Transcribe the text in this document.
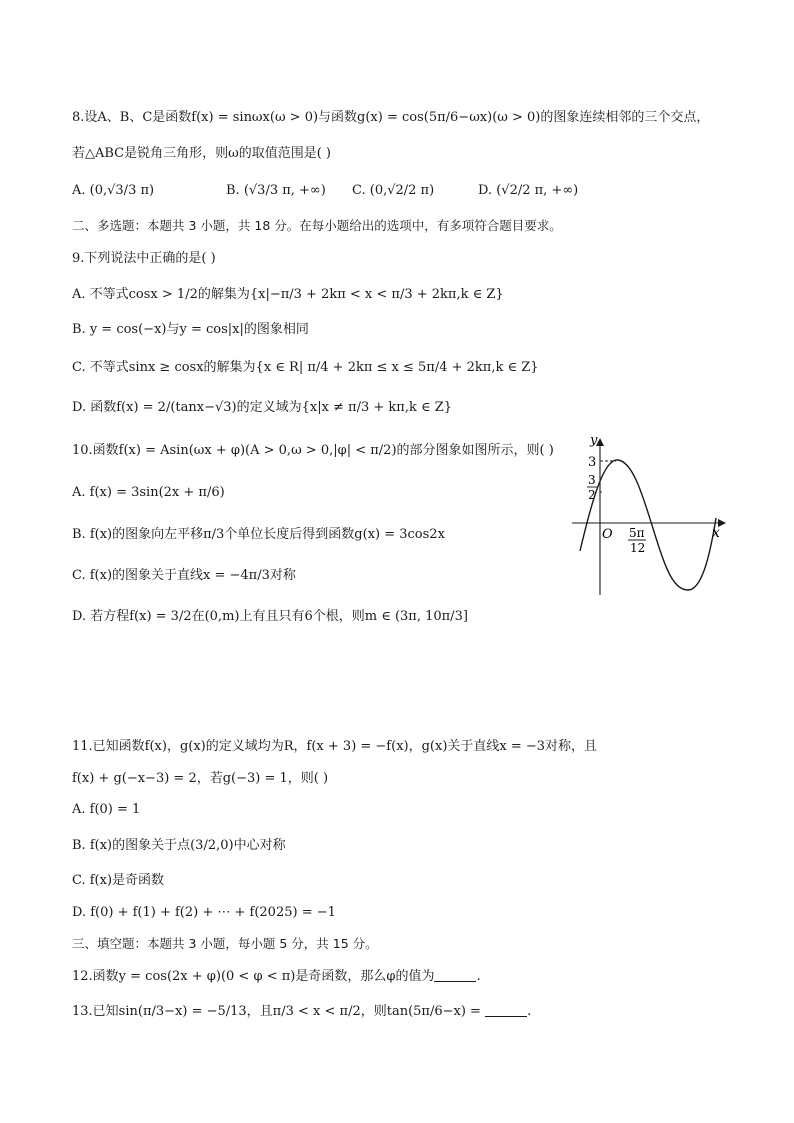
8.设A、B、C是函数f(x) = sinωx(ω > 0)与函数g(x) = cos(5π/6−ωx)(ω > 0)的图象连续相邻的三个交点，
若△ABC是锐角三角形，则ω的取值范围是( )
A. (0,√3/3 π)	B. (√3/3 π, +∞) C. (0,√2/2 π)	D. (√2/2 π, +∞)
二、多选题：本题共 3 小题，共 18 分。在每小题给出的选项中，有多项符合题目要求。
9.下列说法中正确的是( )
A. 不等式cosx > 1/2的解集为{x|−π/3 + 2kπ < x < π/3 + 2kπ,k ∈ Z}
B. y = cos(−x)与y = cos|x|的图象相同
C. 不等式sinx ≥ cosx的解集为{x ∈ R| π/4 + 2kπ ≤ x ≤ 5π/4 + 2kπ,k ∈ Z}
D. 函数f(x) = 2/(tanx−√3)的定义域为{x|x ≠ π/3 + kπ,k ∈ Z}
10.函数f(x) = Asin(ωx + φ)(A > 0,ω > 0,|φ| < π/2)的部分图象如图所示，则( )
A. f(x) = 3sin(2x + π/6)
B. f(x)的图象向左平移π/3个单位长度后得到函数g(x) = 3cos2x
C. f(x)的图象关于直线x = −4π/3对称
D. 若方程f(x) = 3/2在(0,m)上有且只有6个根，则m ∈ (3π, 10π/3]
y
x
O
3
3
2
5π
12
11.已知函数f(x)，g(x)的定义域均为R，f(x + 3) = −f(x)，g(x)关于直线x = −3对称，且
f(x) + g(−x−3) = 2，若g(−3) = 1，则( )
A. f(0) = 1
B. f(x)的图象关于点(3/2,0)中心对称
C. f(x)是奇函数
D. f(0) + f(1) + f(2) + ⋯ + f(2025) = −1
三、填空题：本题共 3 小题，每小题 5 分，共 15 分。
12.函数y = cos(2x + φ)(0 < φ < π)是奇函数，那么φ的值为	.
13.已知sin(π/3−x) = −5/13，且π/3 < x < π/2，则tan(5π/6−x) =	.
